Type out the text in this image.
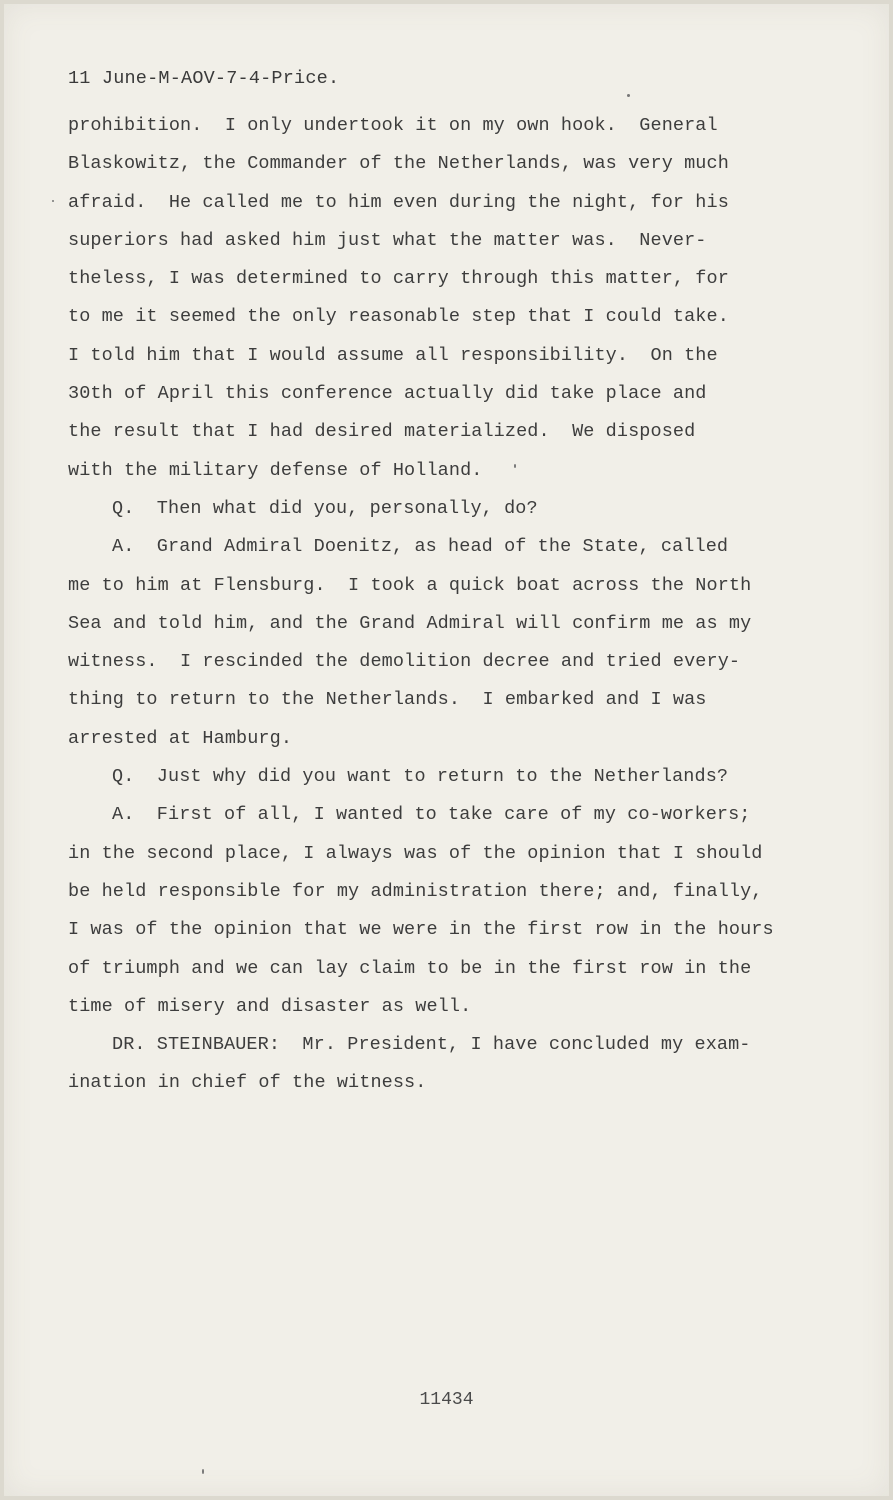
11 June-M-AOV-7-4-Price.
prohibition.  I only undertook it on my own hook.  General
Blaskowitz, the Commander of the Netherlands, was very much
afraid.  He called me to him even during the night, for his
superiors had asked him just what the matter was.  Never-
theless, I was determined to carry through this matter, for
to me it seemed the only reasonable step that I could take.
I told him that I would assume all responsibility.  On the
30th of April this conference actually did take place and
the result that I had desired materialized.  We disposed
with the military defense of Holland.
Q.  Then what did you, personally, do?
A.  Grand Admiral Doenitz, as head of the State, called
me to him at Flensburg.  I took a quick boat across the North
Sea and told him, and the Grand Admiral will confirm me as my
witness.  I rescinded the demolition decree and tried every-
thing to return to the Netherlands.  I embarked and I was
arrested at Hamburg.
Q.  Just why did you want to return to the Netherlands?
A.  First of all, I wanted to take care of my co-workers;
in the second place, I always was of the opinion that I should
be held responsible for my administration there; and, finally,
I was of the opinion that we were in the first row in the hours
of triumph and we can lay claim to be in the first row in the
time of misery and disaster as well.
DR. STEINBAUER:  Mr. President, I have concluded my exam-
ination in chief of the witness.
11434
